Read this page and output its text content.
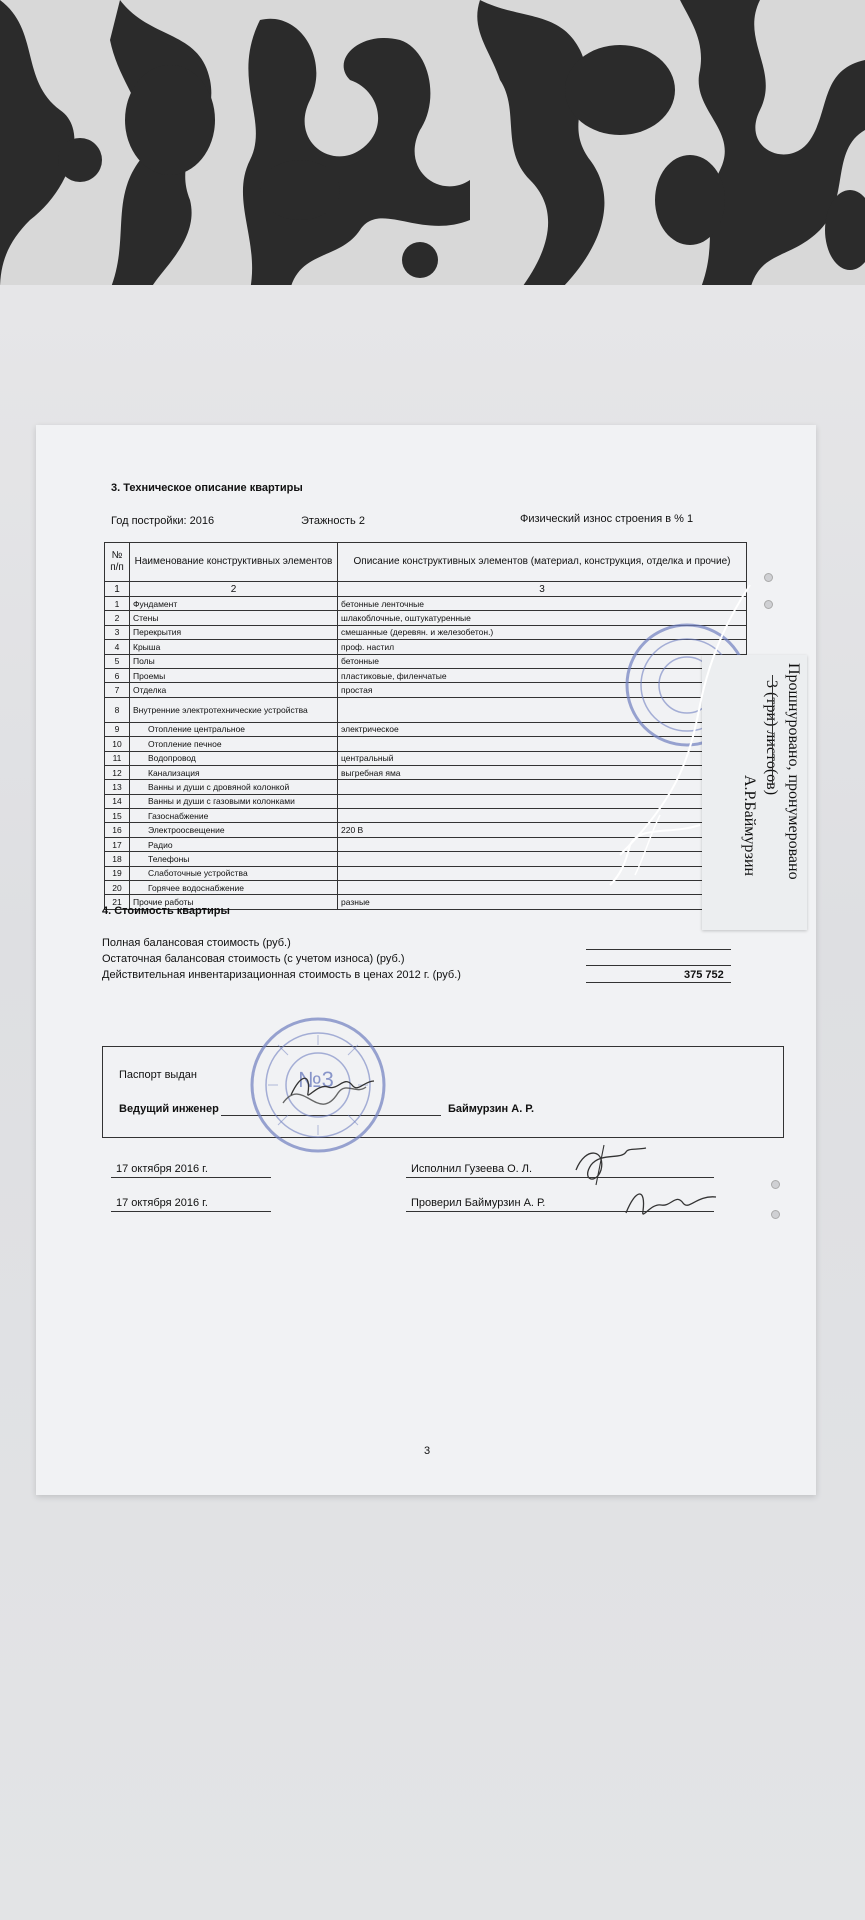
3. Техническое описание квартиры
Год постройки: 2016	Этажность 2	Физический износ строения в % 1
№ п/п	Наименование конструктивных элементов	Описание конструктивных элементов (материал, конструкция, отделка и прочие)
1	2	3
1	Фундамент	бетонные ленточные
2	Стены	шлакоблочные, оштукатуренные
3	Перекрытия	смешанные (деревян. и железобетон.)
4	Крыша	проф. настил
5	Полы	бетонные
6	Проемы	пластиковые, филенчатые
7	Отделка	простая
8	Внутренние электротехнические устройства	
9	Отопление центральное	электрическое
10	Отопление печное	
11	Водопровод	центральный
12	Канализация	выгребная яма
13	Ванны и души с дровяной колонкой	
14	Ванны и души с газовыми колонками	
15	Газоснабжение	
16	Электроосвещение	220 В
17	Радио	
18	Телефоны	
19	Слаботочные устройства	
20	Горячее водоснабжение	
21	Прочие работы	разные
4. Стоимость квартиры
Полная балансовая стоимость (руб.)
Остаточная балансовая стоимость (с учетом износа) (руб.)
Действительная инвентаризационная стоимость в ценах 2012 г. (руб.)	375 752
Паспорт выдан
Ведущий инженер	Баймурзин А. Р.
№3
17 октября 2016 г.	Исполнил Гузеева О. Л.
17 октября 2016 г.	Проверил Баймурзин А. Р.
3
Прошнуровано, пронумеровано
3 (три) листо(ов)
А.Р.Баймурзин
